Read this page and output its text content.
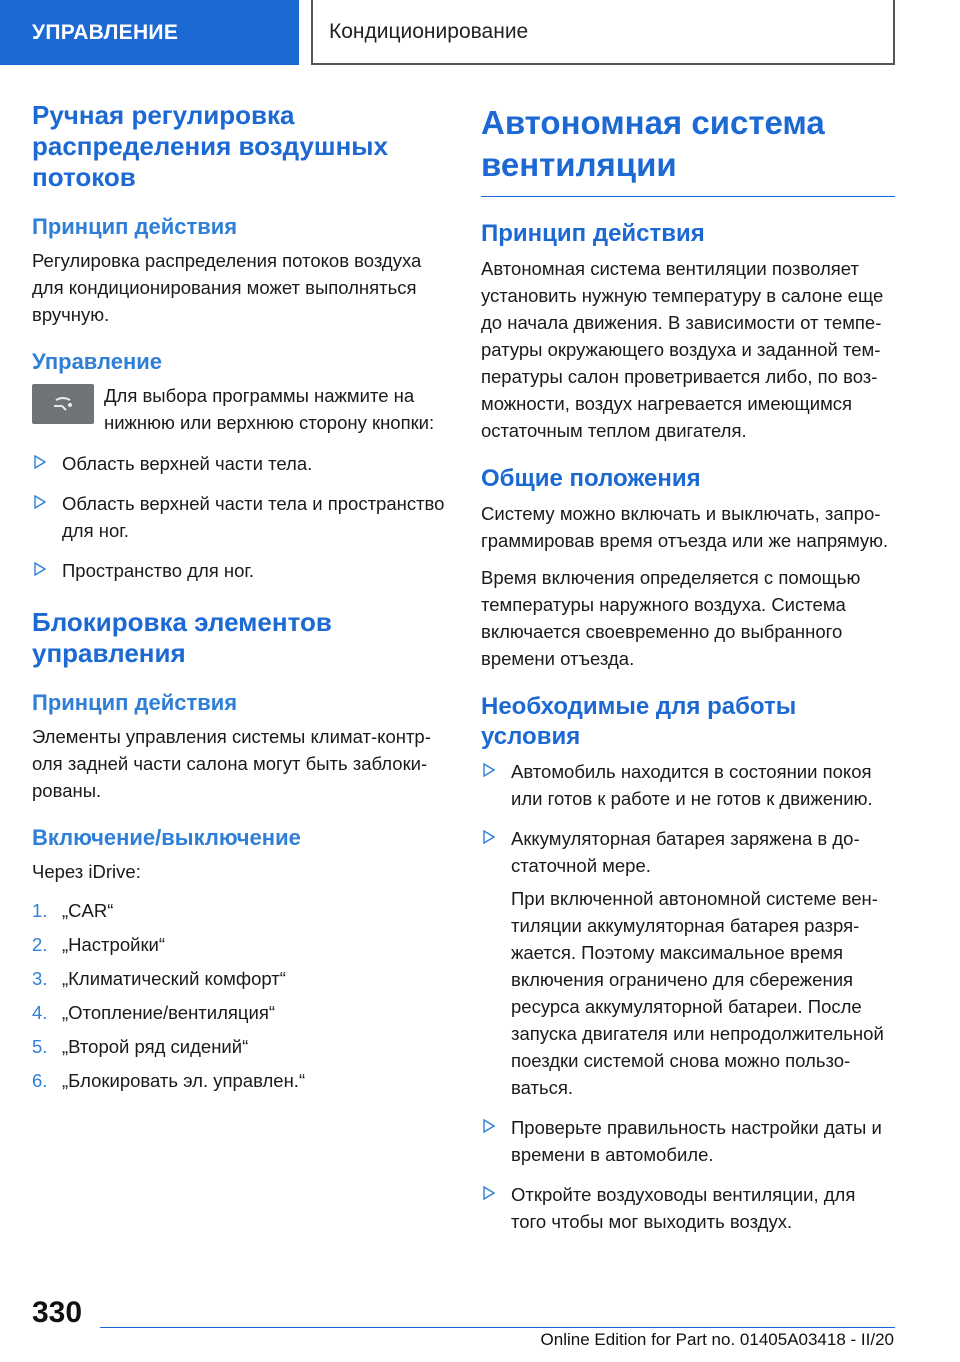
УПРАВЛЕНИЕ	Кондиционирование
Ручная регулировка распределения воздушных потоков
Принцип действия

Регулировка распределения потоков воздуха для кондиционирования может выполняться вручную.

Управление

Для выбора программы нажмите на нижнюю или верхнюю сторону кнопки:

Область верхней части тела.
Область верхней части тела и пространство для ног.
Пространство для ног.
Блокировка элементов управления
Принцип действия

Элементы управления системы климат-контроля задней части салона могут быть заблокированы.

Включение/выключение

Через iDrive:

1. „CAR“
2. „Настройки“
3. „Климатический комфорт“
4. „Отопление/вентиляция“
5. „Второй ряд сидений“
6. „Блокировать эл. управлен.“
Автономная система вентиляции
Принцип действия

Автономная система вентиляции позволяет установить нужную температуру в салоне еще до начала движения. В зависимости от температуры окружающего воздуха и заданной температуры салон проветривается либо, по возможности, воздух нагревается имеющимся остаточным теплом двигателя.

Общие положения

Систему можно включать и выключать, запрограммировав время отъезда или же напрямую.

Время включения определяется с помощью температуры наружного воздуха. Система включается своевременно до выбранного времени отъезда.

Необходимые для работы условия
Автомобиль находится в состоянии покоя или готов к работе и не готов к движению.
Аккумуляторная батарея заряжена в достаточной мере.

При включенной автономной системе вентиляции аккумуляторная батарея разряжается. Поэтому максимальное время включения ограничено для сбережения ресурса аккумуляторной батареи. После запуска двигателя или непродолжительной поездки системой снова можно пользоваться.

Проверьте правильность настройки даты и времени в автомобиле.
Откройте воздуховоды вентиляции, для того чтобы мог выходить воздух.
330
Online Edition for Part no. 01405A03418 - II/20
